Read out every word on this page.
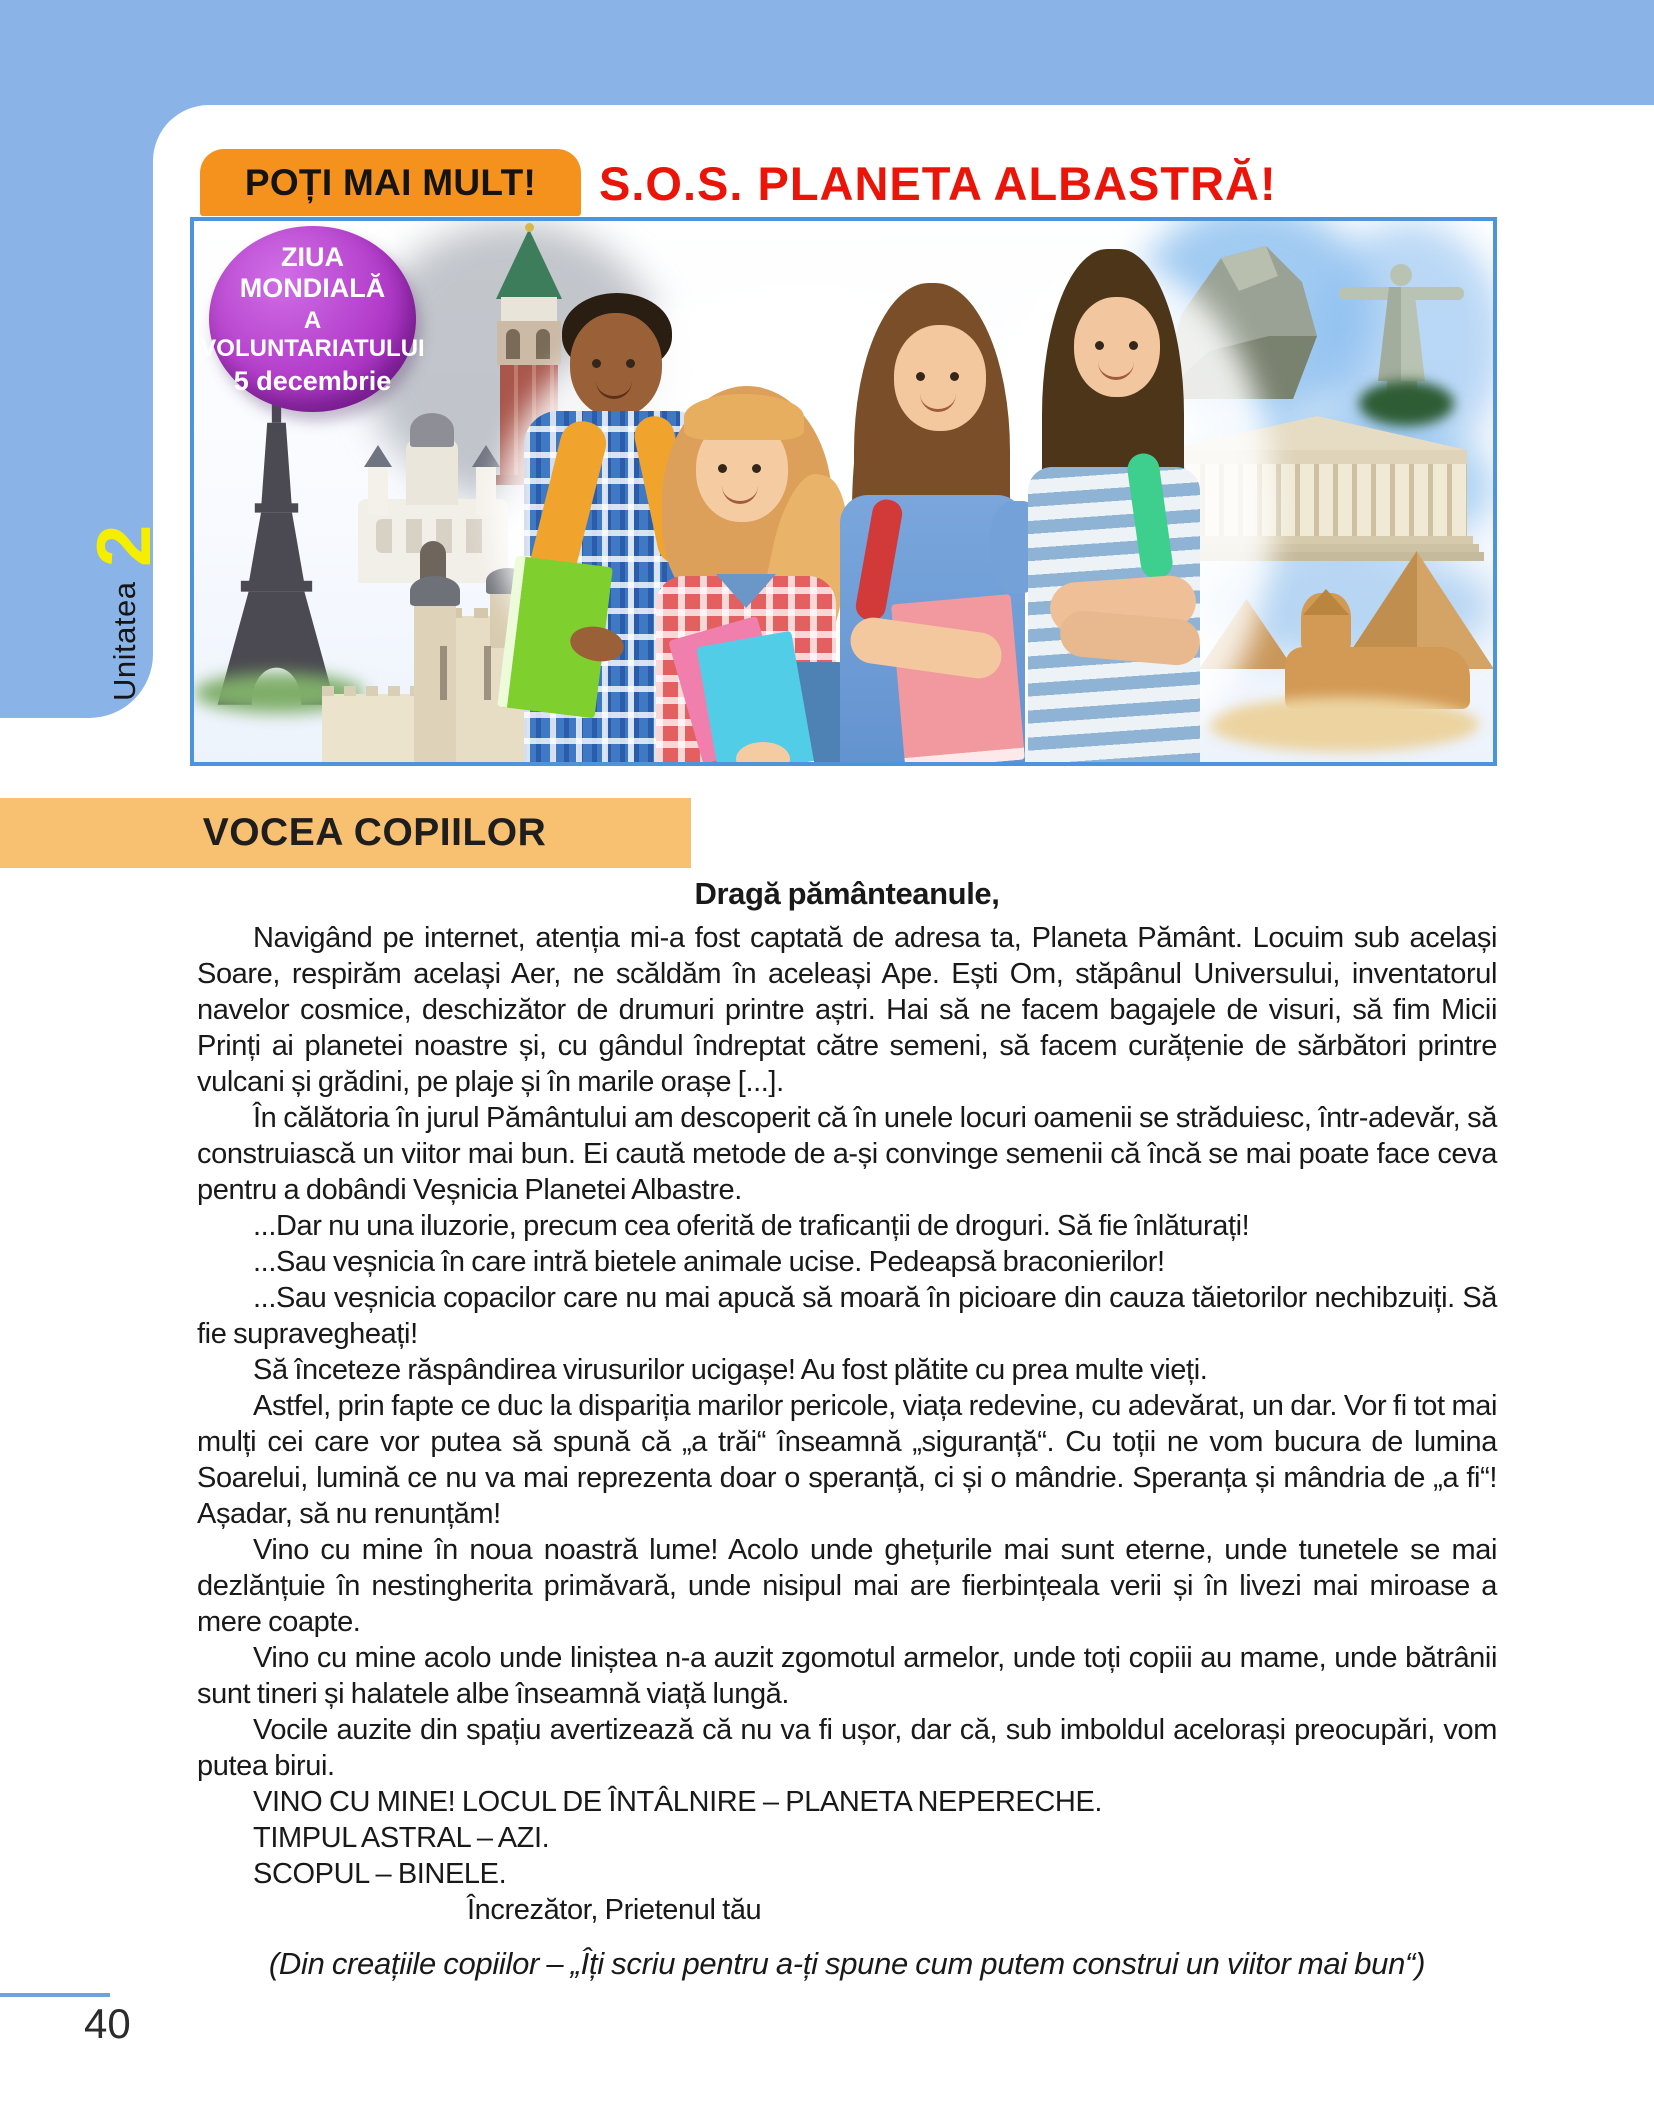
Unitatea 2
POȚI MAI MULT! S.O.S. PLANETA ALBASTRĂ!
ZIUA MONDIALĂ
A VOLUNTARIATULUI
5 decembrie
VOCEA COPIILOR
Dragă pământeanule,

Navigând pe internet, atenția mi-a fost captată de adresa ta, Planeta Pământ. Locuim sub același Soare, respirăm același Aer, ne scăldăm în aceleași Ape. Ești Om, stăpânul Universului, inventatorul navelor cosmice, deschizător de drumuri printre aștri. Hai să ne facem bagajele de visuri, să fim Micii Prinți ai planetei noastre și, cu gândul îndreptat către semeni, să facem curățenie de sărbători printre vulcani și grădini, pe plaje și în marile orașe [...].

În călătoria în jurul Pământului am descoperit că în unele locuri oamenii se străduiesc, într-adevăr, să construiască un viitor mai bun. Ei caută metode de a-și convinge semenii că încă se mai poate face ceva pentru a dobândi Veșnicia Planetei Albastre.

...Dar nu una iluzorie, precum cea oferită de traficanții de droguri. Să fie înlăturați!

...Sau veșnicia în care intră bietele animale ucise. Pedeapsă braconierilor!

...Sau veșnicia copacilor care nu mai apucă să moară în picioare din cauza tăietorilor nechibzuiți. Să fie supravegheați!

Să înceteze răspândirea virusurilor ucigașe! Au fost plătite cu prea multe vieți.

Astfel, prin fapte ce duc la dispariția marilor pericole, viața redevine, cu adevărat, un dar. Vor fi tot mai mulți cei care vor putea să spună că „a trăi“ înseamnă „siguranță“. Cu toții ne vom bucura de lumina Soarelui, lumină ce nu va mai reprezenta doar o speranță, ci și o mândrie. Speranța și mândria de „a fi“! Așadar, să nu renunțăm!

Vino cu mine în noua noastră lume! Acolo unde ghețurile mai sunt eterne, unde tunetele se mai dezlănțuie în nestingherita primăvară, unde nisipul mai are fierbințeala verii și în livezi mai miroase a mere coapte.

Vino cu mine acolo unde liniștea n-a auzit zgomotul armelor, unde toți copiii au mame, unde bătrânii sunt tineri și halatele albe înseamnă viață lungă.

Vocile auzite din spațiu avertizează că nu va fi ușor, dar că, sub imboldul acelorași preocupări, vom putea birui.

VINO CU MINE! LOCUL DE ÎNTÂLNIRE – PLANETA NEPERECHE.

TIMPUL ASTRAL – AZI.

SCOPUL – BINELE.

Încrezător, Prietenul tău

(Din creațiile copiilor – „Îți scriu pentru a-ți spune cum putem construi un viitor mai bun“)
40
